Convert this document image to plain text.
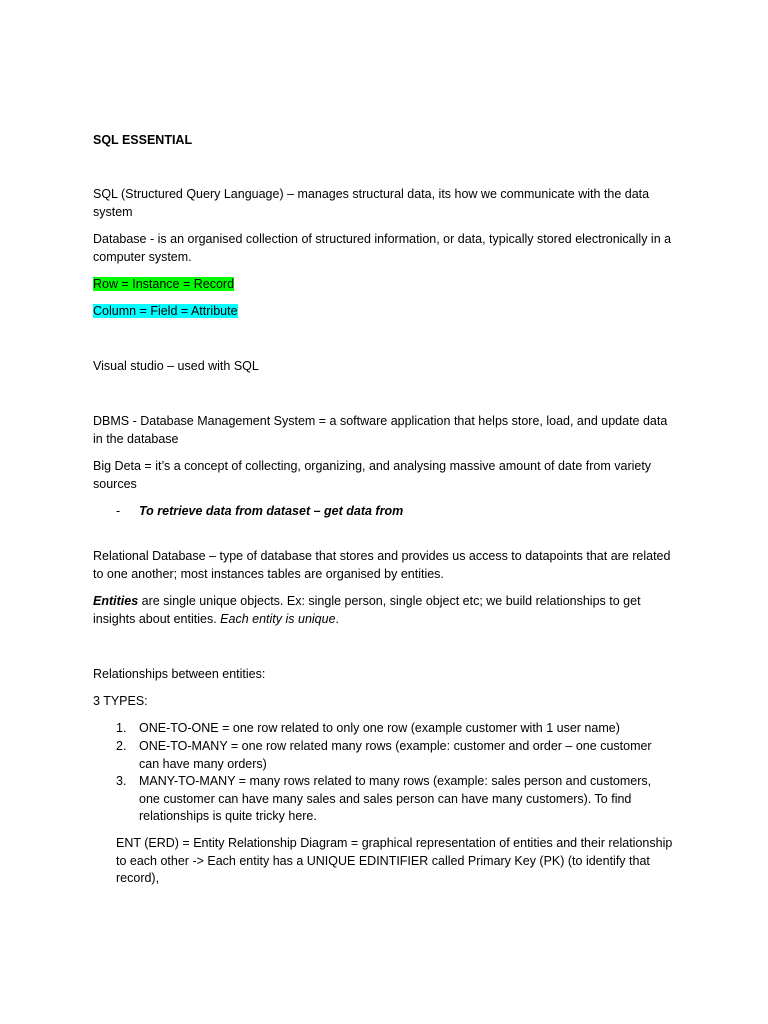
SQL ESSENTIAL

SQL (Structured Query Language) – manages structural data, its how we communicate with the data system

Database - is an organised collection of structured information, or data, typically stored electronically in a computer system.

Row = Instance = Record

Column = Field = Attribute

Visual studio – used with SQL

DBMS - Database Management System = a software application that helps store, load, and update data in the database

Big Deta = it’s a concept of collecting, organizing, and analysing massive amount of date from variety sources

- To retrieve data from dataset – get data from

Relational Database – type of database that stores and provides us access to datapoints that are related to one another; most instances tables are organised by entities.

Entities are single unique objects. Ex: single person, single object etc; we build relationships to get insights about entities. Each entity is unique.

Relationships between entities:

3 TYPES:

1. ONE-TO-ONE = one row related to only one row (example customer with 1 user name)
2. ONE-TO-MANY = one row related many rows (example: customer and order – one customer can have many orders)
3. MANY-TO-MANY = many rows related to many rows (example: sales person and customers, one customer can have many sales and sales person can have many customers). To find relationships is quite tricky here.

ENT (ERD) = Entity Relationship Diagram = graphical representation of entities and their relationship to each other -> Each entity has a UNIQUE EDINTIFIER called Primary Key (PK) (to identify that record),
